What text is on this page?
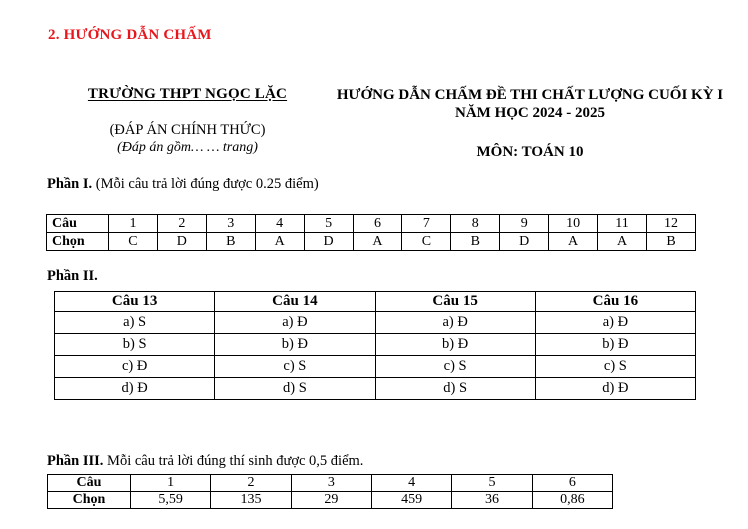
2. HƯỚNG DẪN CHẤM
TRƯỜNG THPT NGỌC LẶC
(ĐÁP ÁN CHÍNH THỨC)
(Đáp án gồm… … trang)
HƯỚNG DẪN CHẤM ĐỀ THI CHẤT LƯỢNG CUỐI KỲ I
NĂM HỌC 2024 - 2025
MÔN: TOÁN 10
Phần I. (Mỗi câu trả lời đúng được 0.25 điểm)
Câu	1	2	3	4	5	6	7	8	9	10	11	12
Chọn	C	D	B	A	D	A	C	B	D	A	A	B
Phần II.
Câu 13	Câu 14	Câu 15	Câu 16
a) S	a) Đ	a) Đ	a) Đ
b) S	b) Đ	b) Đ	b) Đ
c) Đ	c) S	c) S	c) S
d) Đ	d) S	d) S	d) Đ
Phần III. Mỗi câu trả lời đúng thí sinh được 0,5 điểm.
Câu	1	2	3	4	5	6
Chọn	5,59	135	29	459	36	0,86
